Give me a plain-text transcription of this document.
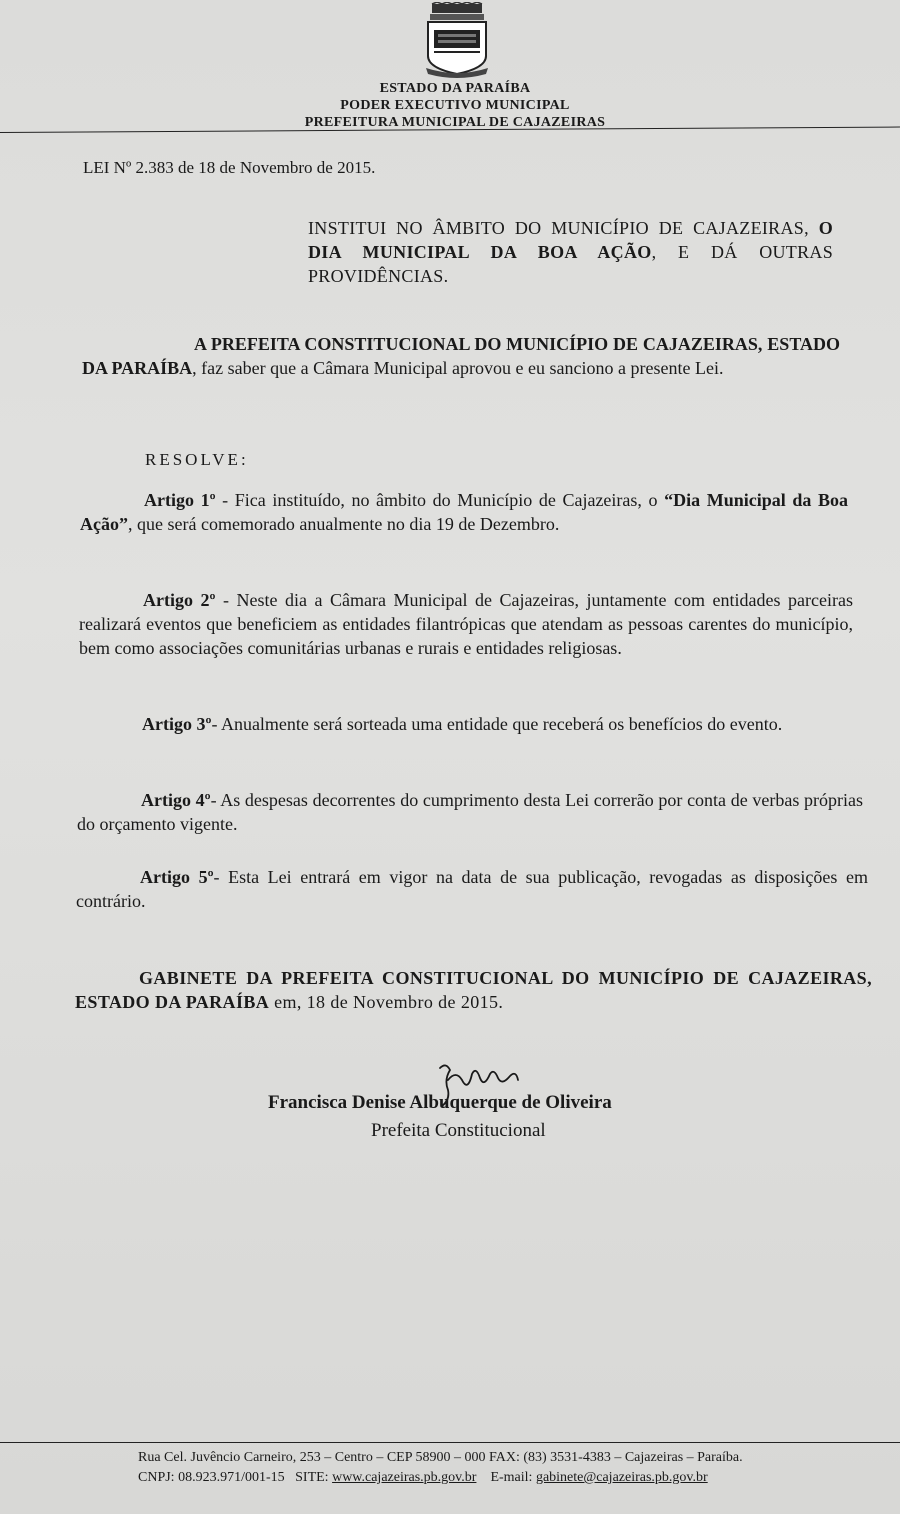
ESTADO DA PARAÍBA
PODER EXECUTIVO MUNICIPAL
PREFEITURA MUNICIPAL DE CAJAZEIRAS

LEI Nº 2.383 de 18 de Novembro de 2015.
INSTITUI NO ÂMBITO DO MUNICÍPIO DE CAJAZEIRAS, O DIA MUNICIPAL DA BOA AÇÃO, E DÁ OUTRAS PROVIDÊNCIAS.
A PREFEITA CONSTITUCIONAL DO MUNICÍPIO DE CAJAZEIRAS, ESTADO DA PARAÍBA, faz saber que a Câmara Municipal aprovou e eu sanciono a presente Lei.
RESOLVE:
Artigo 1º - Fica instituído, no âmbito do Município de Cajazeiras, o “Dia Municipal da Boa Ação”, que será comemorado anualmente no dia 19 de Dezembro.
Artigo 2º - Neste dia a Câmara Municipal de Cajazeiras, juntamente com entidades parceiras realizará eventos que beneficiem as entidades filantrópicas que atendam as pessoas carentes do município, bem como associações comunitárias urbanas e rurais e entidades religiosas.
Artigo 3º- Anualmente será sorteada uma entidade que receberá os benefícios do evento.
Artigo 4º- As despesas decorrentes do cumprimento desta Lei correrão por conta de verbas próprias do orçamento vigente.
Artigo 5º- Esta Lei entrará em vigor na data de sua publicação, revogadas as disposições em contrário.
GABINETE DA PREFEITA CONSTITUCIONAL DO MUNICÍPIO DE CAJAZEIRAS, ESTADO DA PARAÍBA em, 18 de Novembro de 2015.
Francisca Denise Albuquerque de Oliveira
Prefeita Constitucional
Rua Cel. Juvêncio Carneiro, 253 – Centro – CEP 58900 – 000 FAX: (83) 3531-4383 – Cajazeiras – Paraíba.
CNPJ: 08.923.971/001-15 SITE: www.cajazeiras.pb.gov.br E-mail: gabinete@cajazeiras.pb.gov.br
